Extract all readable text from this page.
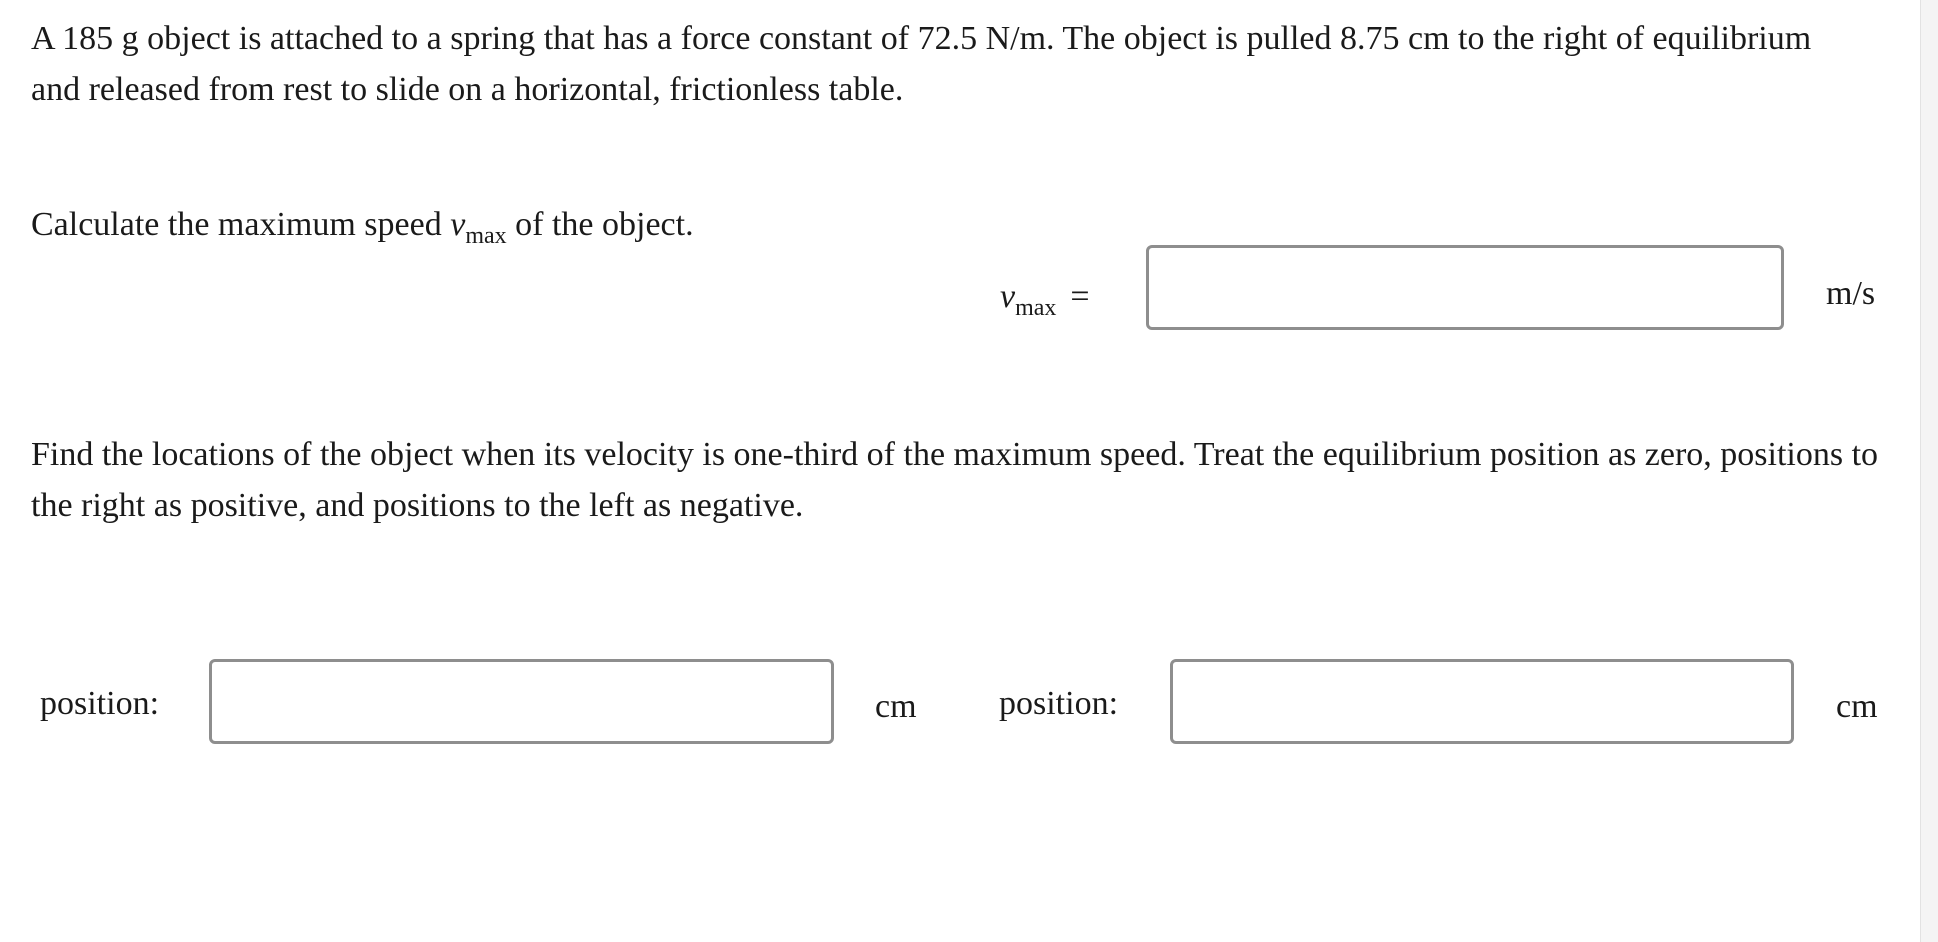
A 185 g object is attached to a spring that has a force constant of 72.5 N/m. The object is pulled 8.75 cm to the right of equilibrium and released from rest to slide on a horizontal, frictionless table.

Calculate the maximum speed $v_{max}$ of the object.

$v_{max}$ =	m/s

Find the locations of the object when its velocity is one-third of the maximum speed. Treat the equilibrium position as zero, positions to the right as positive, and positions to the left as negative.

position:	cm position:	cm
